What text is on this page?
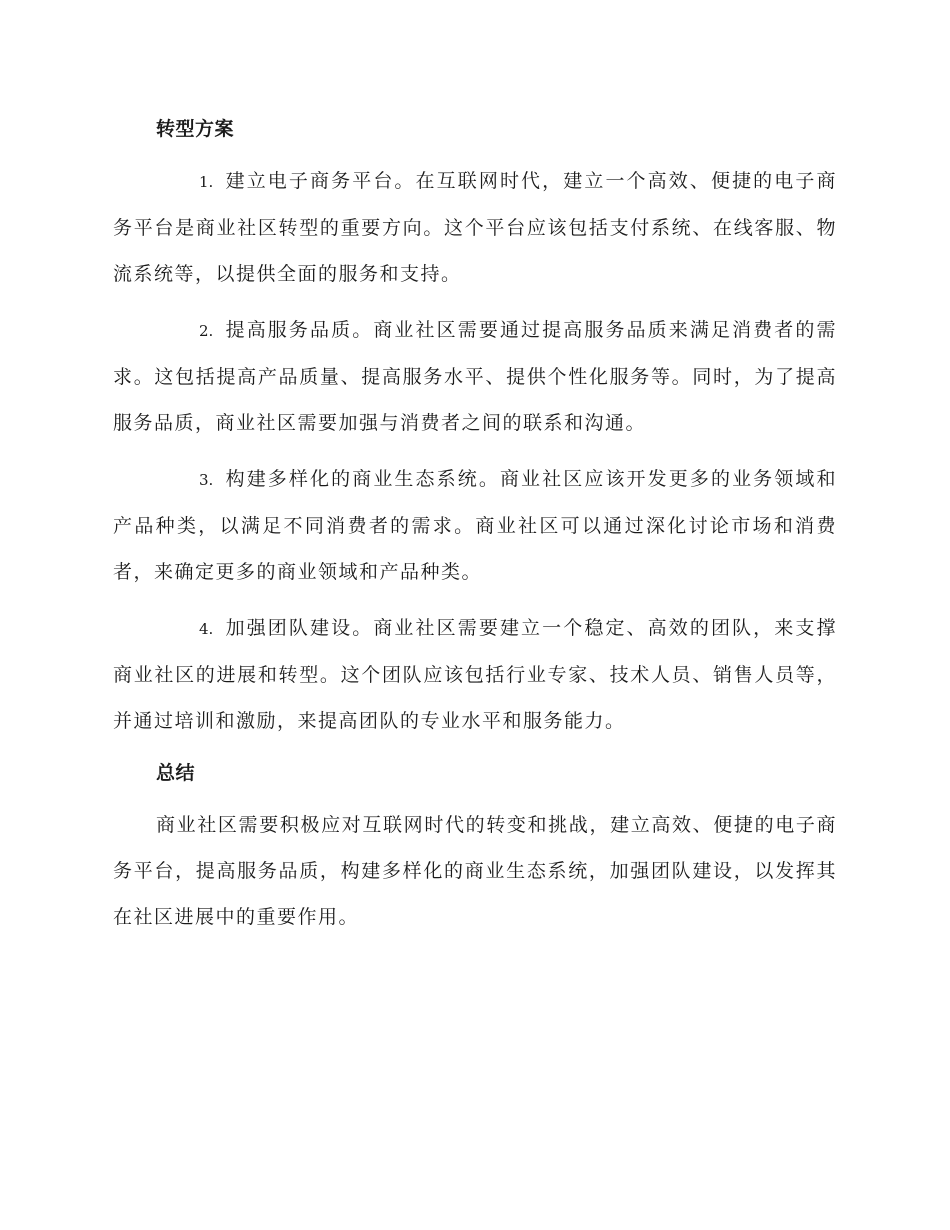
转型方案

1. 建立电子商务平台。在互联网时代，建立一个高效、便捷的电子商务平台是商业社区转型的重要方向。这个平台应该包括支付系统、在线客服、物流系统等，以提供全面的服务和支持。

2. 提高服务品质。商业社区需要通过提高服务品质来满足消费者的需求。这包括提高产品质量、提高服务水平、提供个性化服务等。同时，为了提高服务品质，商业社区需要加强与消费者之间的联系和沟通。

3. 构建多样化的商业生态系统。商业社区应该开发更多的业务领域和产品种类，以满足不同消费者的需求。商业社区可以通过深化讨论市场和消费者，来确定更多的商业领域和产品种类。

4. 加强团队建设。商业社区需要建立一个稳定、高效的团队，来支撑商业社区的进展和转型。这个团队应该包括行业专家、技术人员、销售人员等，并通过培训和激励，来提高团队的专业水平和服务能力。

总结

商业社区需要积极应对互联网时代的转变和挑战，建立高效、便捷的电子商务平台，提高服务品质，构建多样化的商业生态系统，加强团队建设，以发挥其在社区进展中的重要作用。
